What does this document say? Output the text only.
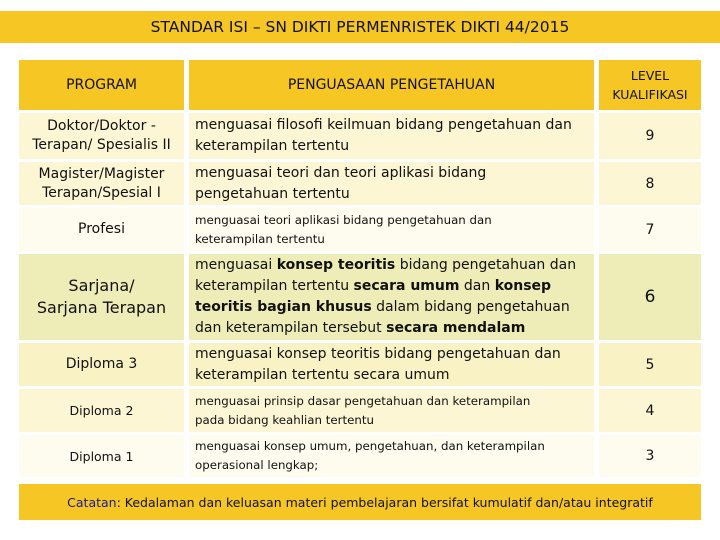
STANDAR ISI – SN DIKTI PERMENRISTEK DIKTI 44/2015
PROGRAM	PENGUASAAN PENGETAHUAN
LEVEL
KUALIFIKASI
Doktor/Doktor -
Terapan/ Spesialis II
menguasai filosofi keilmuan bidang pengetahuan dan
keterampilan tertentu
9
Magister/Magister
Terapan/Spesial I
menguasai teori dan teori aplikasi bidang
pengetahuan tertentu
8
Profesi
menguasai teori aplikasi bidang pengetahuan dan
keterampilan tertentu
7
Sarjana/
Sarjana Terapan
menguasai konsep teoritis bidang pengetahuan dan keterampilan tertentu secara umum dan konsep teoritis bagian khusus dalam bidang pengetahuan dan keterampilan tersebut secara mendalam
6
Diploma 3
menguasai konsep teoritis bidang pengetahuan dan
keterampilan tertentu secara umum
5
Diploma 2
menguasai prinsip dasar pengetahuan dan keterampilan
pada bidang keahlian tertentu
4
Diploma 1
menguasai konsep umum, pengetahuan, dan keterampilan
operasional lengkap;
3
Catatan : Kedalaman dan keluasan materi pembelajaran bersifat kumulatif dan/atau integratif
